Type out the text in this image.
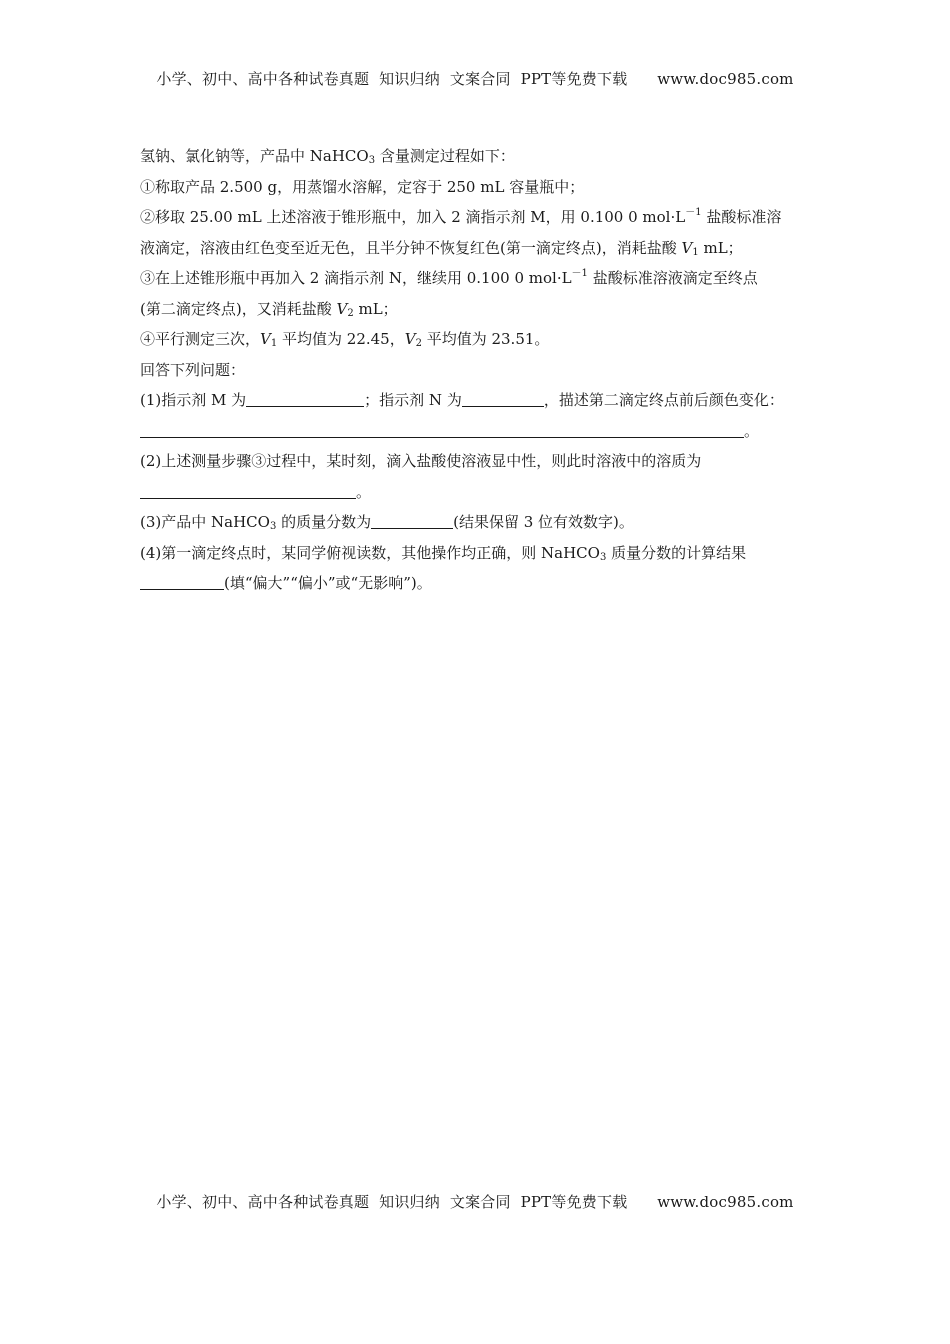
小学、初中、高中各种试卷真题  知识归纳  文案合同  PPT等免费下载      www.doc985.com
氢钠、氯化钠等，产品中 NaHCO$_3$ 含量测定过程如下：
①称取产品 2.500 g，用蒸馏水溶解，定容于 250 mL 容量瓶中；
②移取 25.00 mL 上述溶液于锥形瓶中，加入 2 滴指示剂 M，用 0.100 0 $mol\cdot L^{-1}$ 盐酸标准溶
液滴定，溶液由红色变至近无色，且半分钟不恢复红色(第一滴定终点)，消耗盐酸 $V_1$ mL；
③在上述锥形瓶中再加入 2 滴指示剂 N，继续用 0.100 0 $mol\cdot L^{-1}$ 盐酸标准溶液滴定至终点
(第二滴定终点)，又消耗盐酸 $V_2$ mL；
④平行测定三次，$V_1$ 平均值为 22.45，$V_2$ 平均值为 23.51。
回答下列问题：
(1)指示剂 M 为	；指示剂 N 为	，描述第二滴定终点前后颜色变化：
。
(2)上述测量步骤③过程中，某时刻，滴入盐酸使溶液显中性，则此时溶液中的溶质为
。
(3)产品中 NaHCO$_3$ 的质量分数为	(结果保留 3 位有效数字)。
(4)第一滴定终点时，某同学俯视读数，其他操作均正确，则 NaHCO$_3$ 质量分数的计算结果
(填“偏大”“偏小”或“无影响”)。
小学、初中、高中各种试卷真题  知识归纳  文案合同  PPT等免费下载      www.doc985.com
